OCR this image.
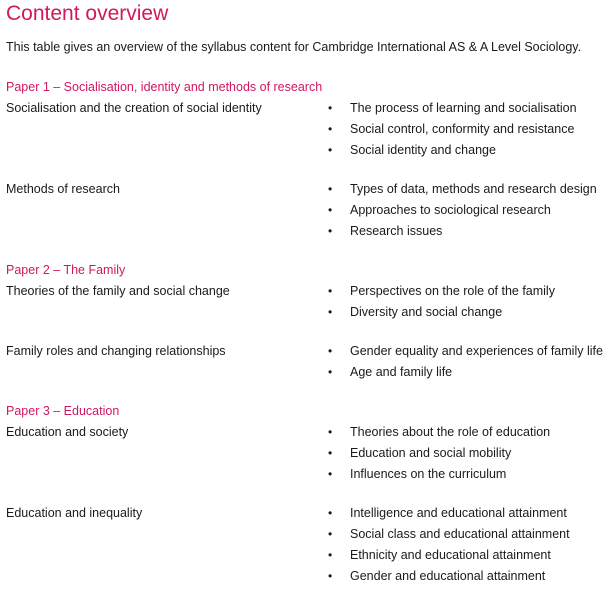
Content overview
This table gives an overview of the syllabus content for Cambridge International AS & A Level Sociology.
Paper 1 – Socialisation, identity and methods of research
Socialisation and the creation of social identity	•	The process of learning and socialisation
•	Social control, conformity and resistance
•	Social identity and change
Methods of research	•	Types of data, methods and research design
•	Approaches to sociological research
•	Research issues
Paper 2 – The Family
Theories of the family and social change	•	Perspectives on the role of the family
•	Diversity and social change
Family roles and changing relationships	•	Gender equality and experiences of family life
•	Age and family life
Paper 3 – Education
Education and society	•	Theories about the role of education
•	Education and social mobility
•	Influences on the curriculum
Education and inequality	•	Intelligence and educational attainment
•	Social class and educational attainment
•	Ethnicity and educational attainment
•	Gender and educational attainment
